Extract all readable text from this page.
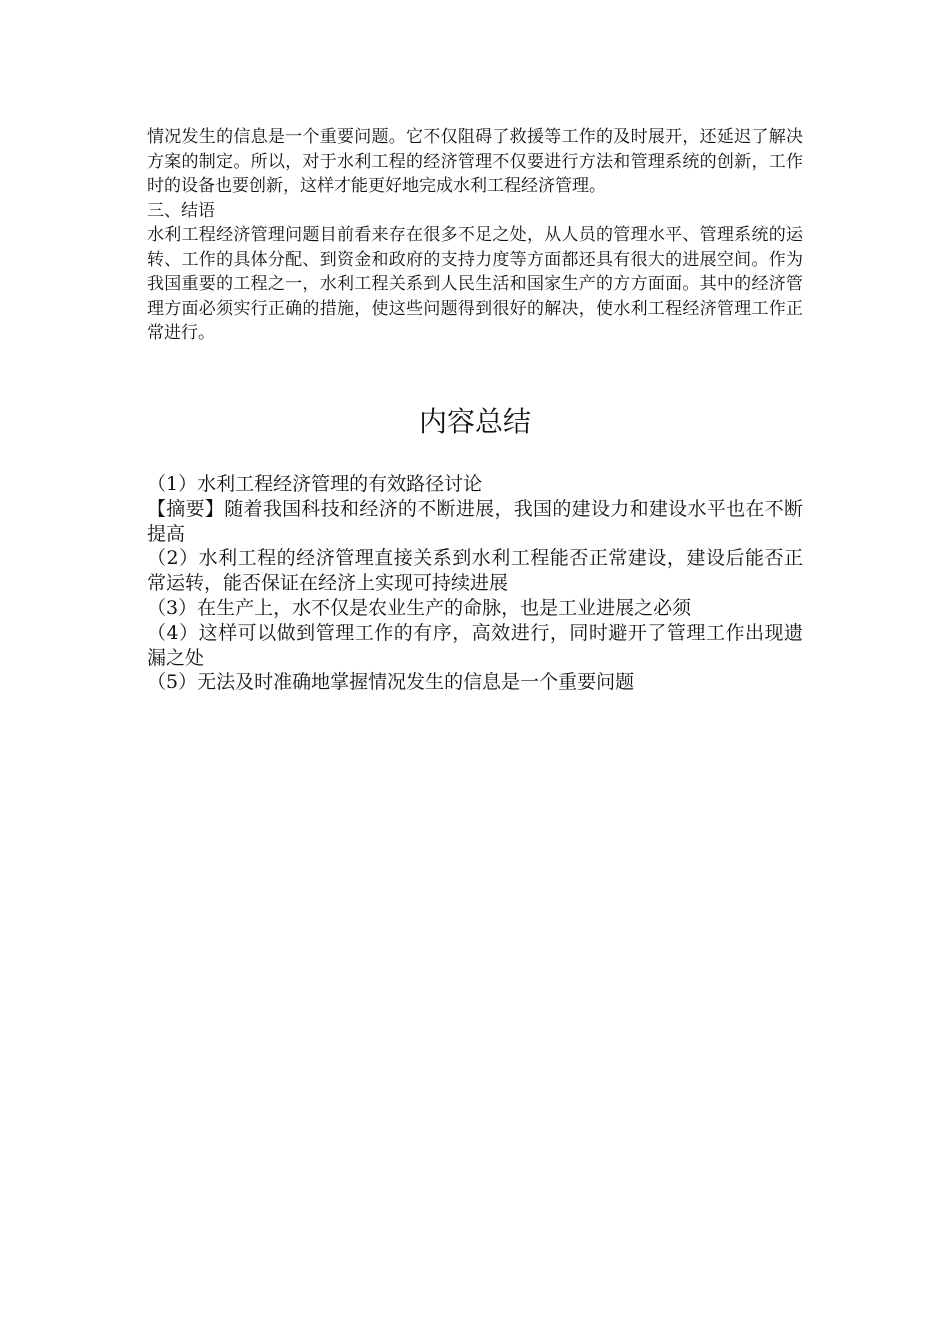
情况发生的信息是一个重要问题。它不仅阻碍了救援等工作的及时展开，还延迟了解决方案的制定。所以，对于水利工程的经济管理不仅要进行方法和管理系统的创新，工作时的设备也要创新，这样才能更好地完成水利工程经济管理。

三、结语

水利工程经济管理问题目前看来存在很多不足之处，从人员的管理水平、管理系统的运转、工作的具体分配、到资金和政府的支持力度等方面都还具有很大的进展空间。作为我国重要的工程之一，水利工程关系到人民生活和国家生产的方方面面。其中的经济管理方面必须实行正确的措施，使这些问题得到很好的解决，使水利工程经济管理工作正常进行。

内容总结

（1）水利工程经济管理的有效路径讨论

【摘要】随着我国科技和经济的不断进展，我国的建设力和建设水平也在不断提高

（2）水利工程的经济管理直接关系到水利工程能否正常建设，建设后能否正常运转，能否保证在经济上实现可持续进展

（3）在生产上，水不仅是农业生产的命脉，也是工业进展之必须

（4）这样可以做到管理工作的有序，高效进行，同时避开了管理工作出现遗漏之处

（5）无法及时准确地掌握情况发生的信息是一个重要问题
